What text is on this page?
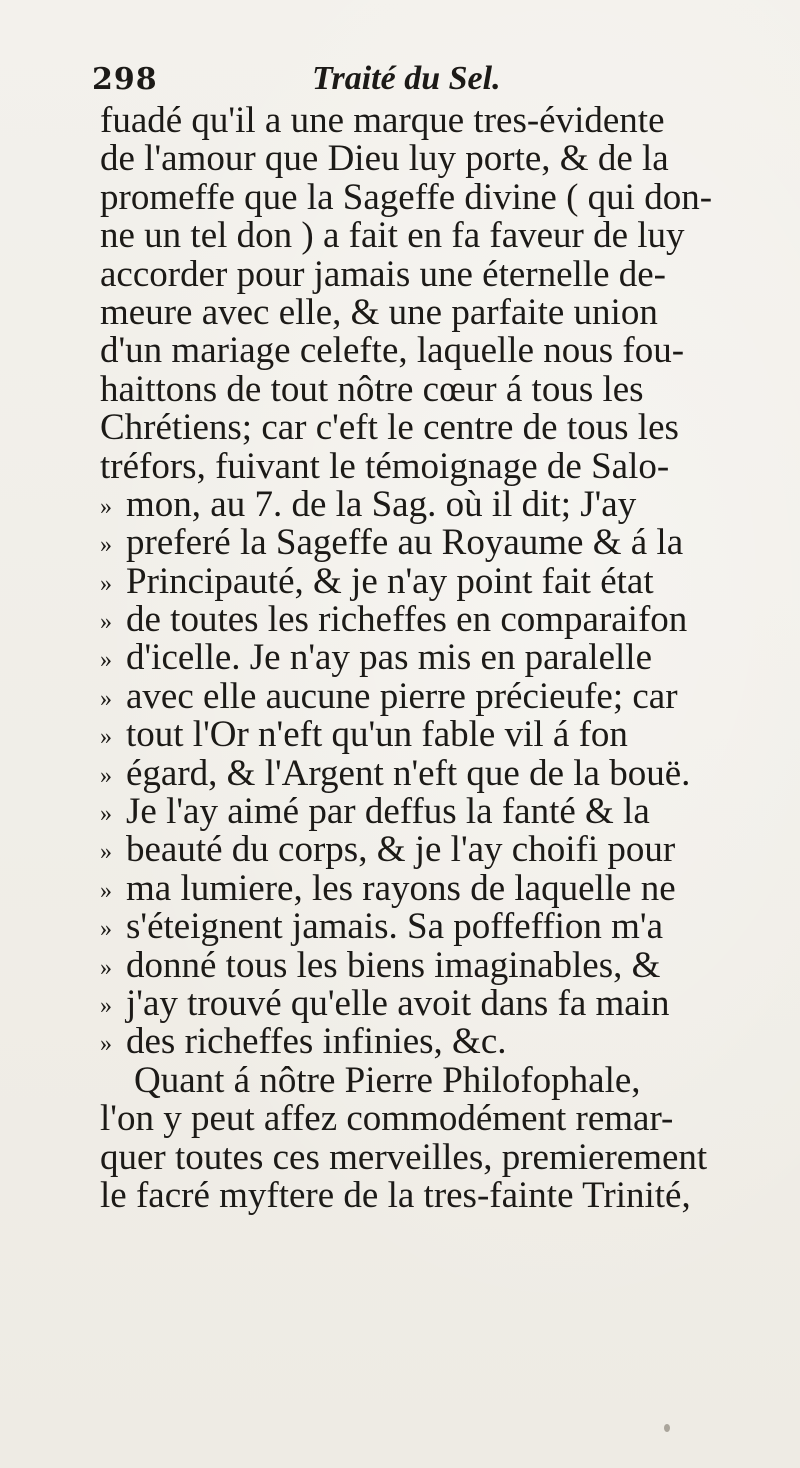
298	Traité du Sel.
fuadé qu'il a une marque tres-évidente
de l'amour que Dieu luy porte, & de la
promeffe que la Sageffe divine ( qui don-
ne un tel don ) a fait en fa faveur de luy
accorder pour jamais une éternelle de-
meure avec elle, & une parfaite union
d'un mariage celefte, laquelle nous fou-
haittons de tout nôtre cœur á tous les
Chrétiens; car c'eft le centre de tous les
tréfors, fuivant le témoignage de Salo-
» mon, au 7. de la Sag. où il dit; J'ay
» preferé la Sageffe au Royaume & á la
» Principauté, & je n'ay point fait état
» de toutes les richeffes en comparaifon
» d'icelle. Je n'ay pas mis en paralelle
» avec elle aucune pierre précieufe; car
» tout l'Or n'eft qu'un fable vil á fon
» égard, & l'Argent n'eft que de la bouë.
» Je l'ay aimé par deffus la fanté & la
» beauté du corps, & je l'ay choifi pour
» ma lumiere, les rayons de laquelle ne
» s'éteignent jamais. Sa poffeffion m'a
» donné tous les biens imaginables, &
» j'ay trouvé qu'elle avoit dans fa main
» des richeffes infinies, &c.
Quant á nôtre Pierre Philofophale,
l'on y peut affez commodément remar-
quer toutes ces merveilles, premierement
le facré myftere de la tres-fainte Trinité,
